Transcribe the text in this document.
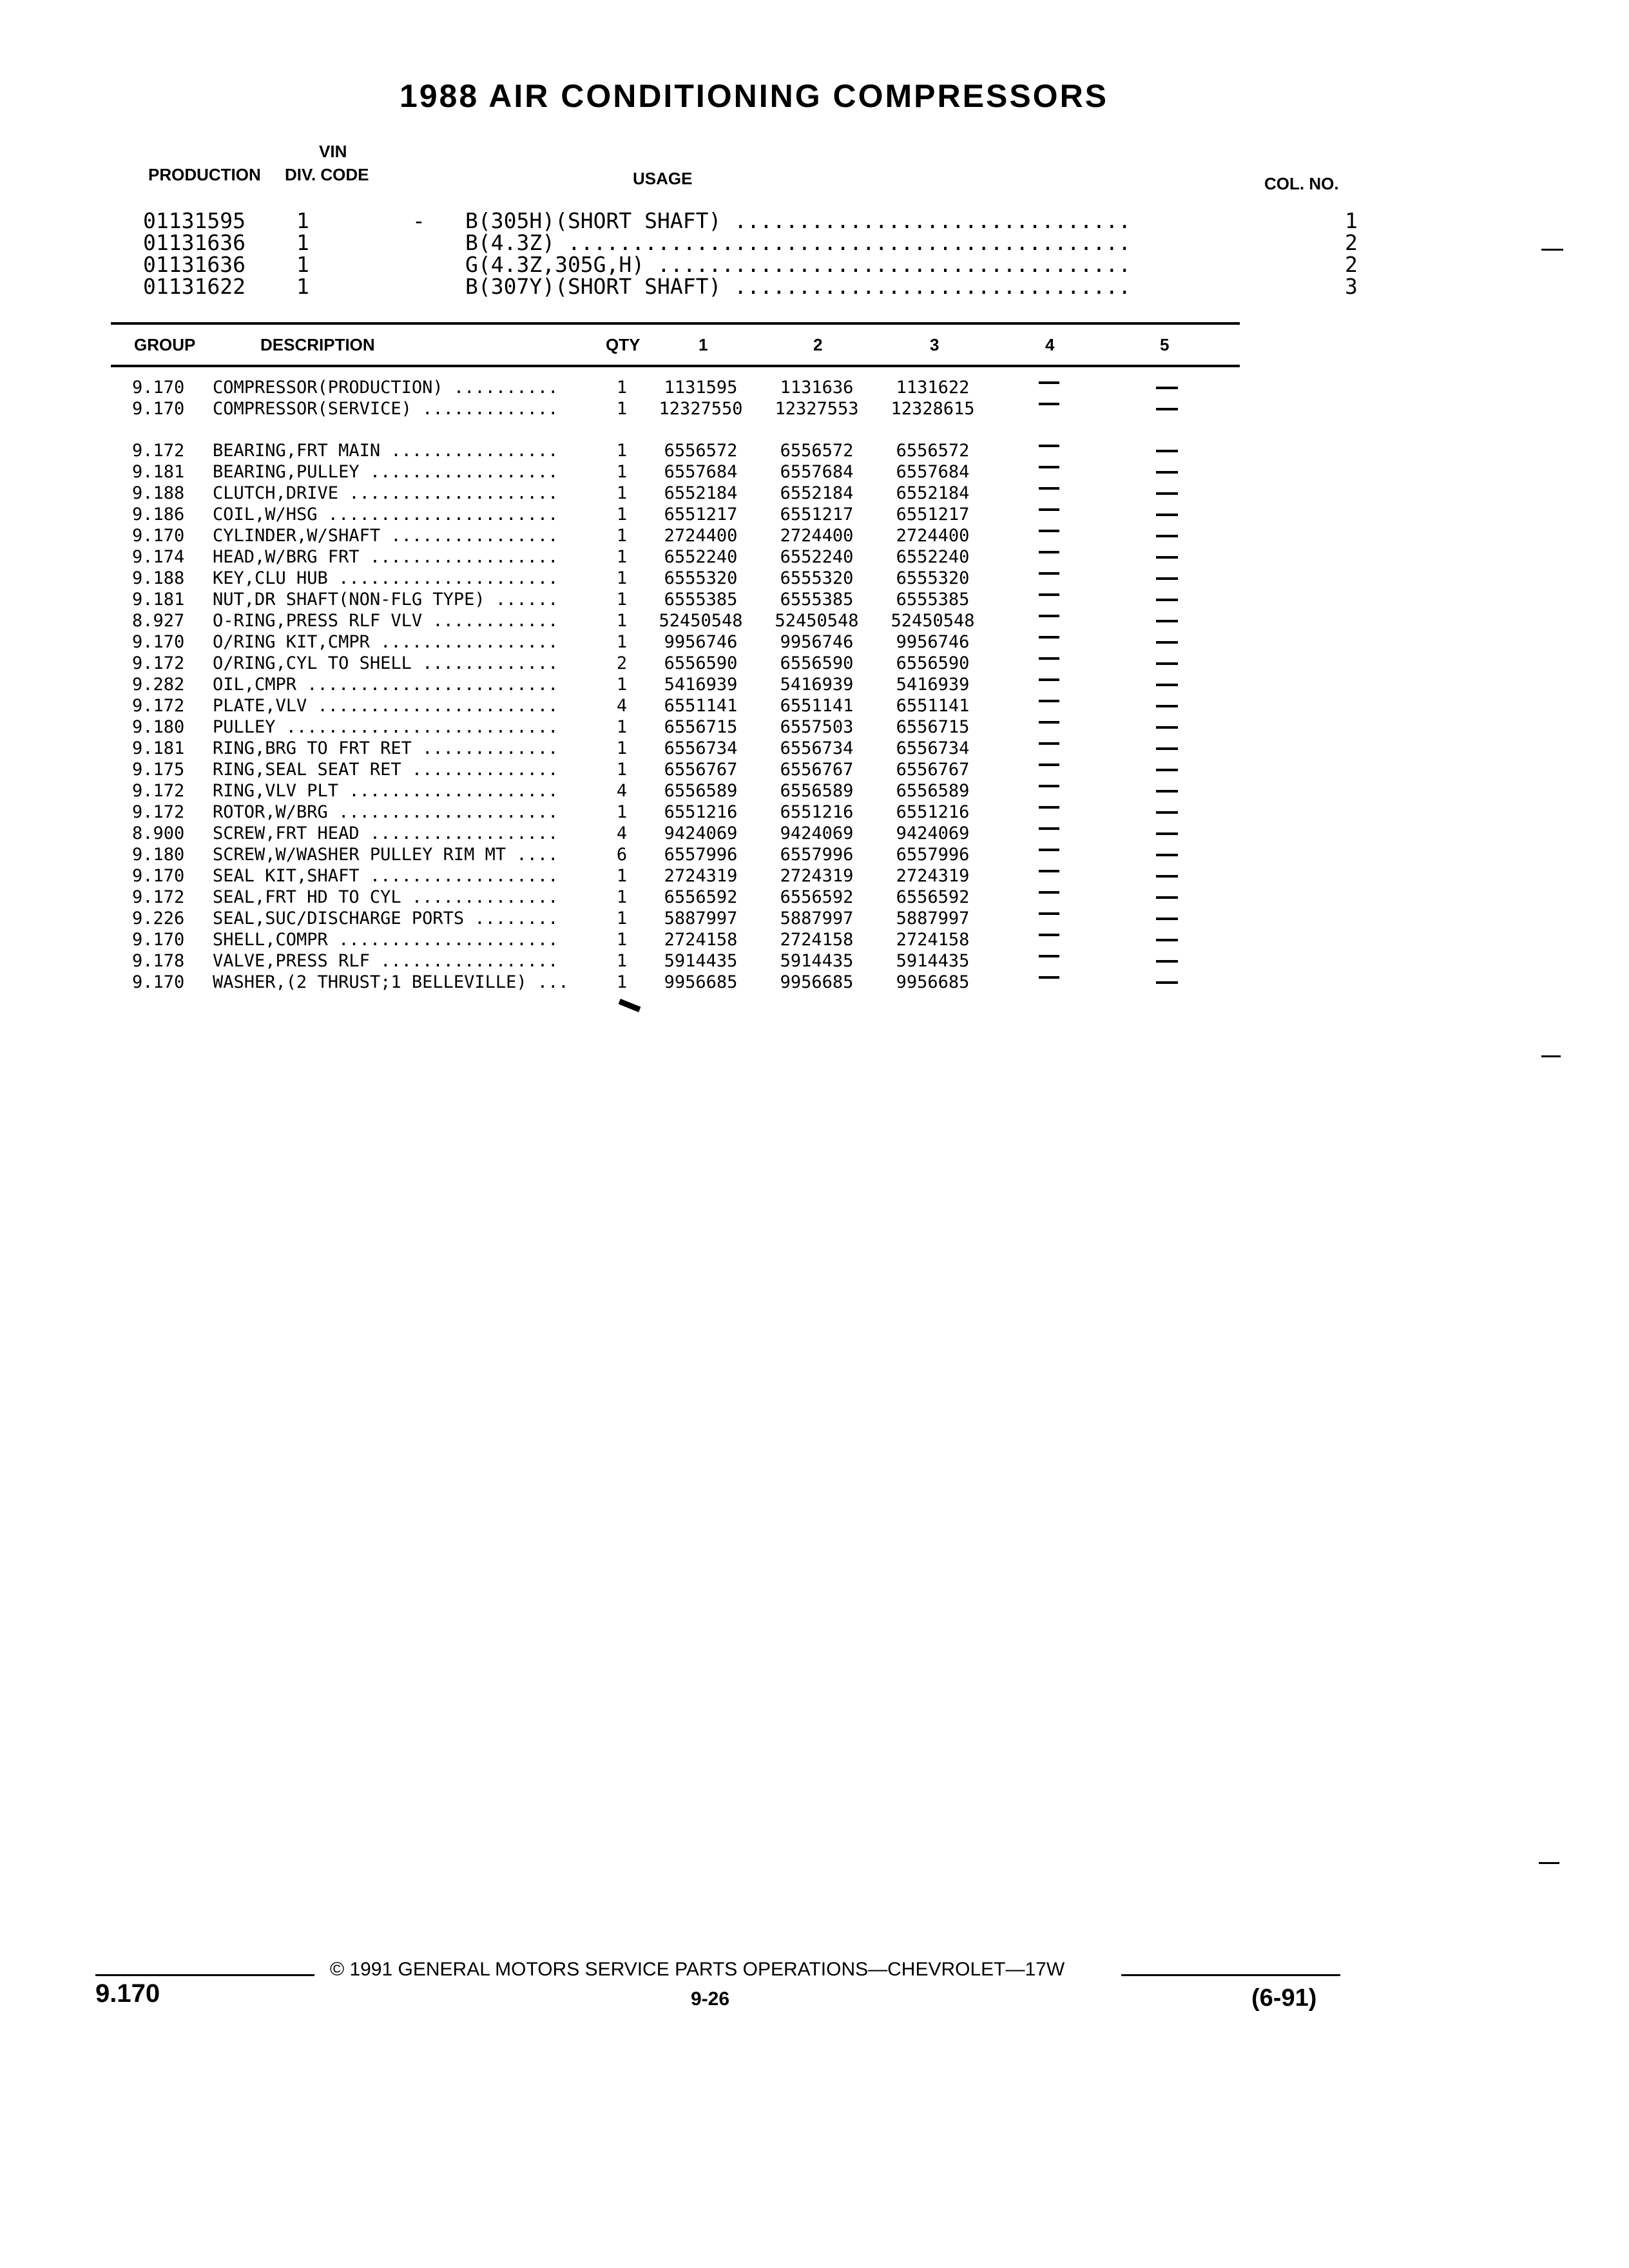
1988 AIR CONDITIONING COMPRESSORS
VIN
PRODUCTION DIV. CODE	USAGE	COL. NO.
01131595 1	- B(305H)(SHORT SHAFT) ...............................	1
01131636 1	B(4.3Z) ............................................	2
01131636 1	G(4.3Z,305G,H) .....................................	2
01131622 1	B(307Y)(SHORT SHAFT) ...............................	3
GROUP	DESCRIPTION	QTY	1	2	3	4	5
9.170 COMPRESSOR(PRODUCTION) ..........	1	1131595	1131636	1131622
9.170 COMPRESSOR(SERVICE) .............	1	12327550	12327553	12328615
9.172 BEARING,FRT MAIN ................	1	6556572	6556572	6556572
9.181 BEARING,PULLEY ..................	1	6557684	6557684	6557684
9.188 CLUTCH,DRIVE ....................	1	6552184	6552184	6552184
9.186 COIL,W/HSG ......................	1	6551217	6551217	6551217
9.170 CYLINDER,W/SHAFT ................	1	2724400	2724400	2724400
9.174 HEAD,W/BRG FRT ..................	1	6552240	6552240	6552240
9.188 KEY,CLU HUB .....................	1	6555320	6555320	6555320
9.181 NUT,DR SHAFT(NON-FLG TYPE) ......	1	6555385	6555385	6555385
8.927 O-RING,PRESS RLF VLV ............	1	52450548	52450548	52450548
9.170 O/RING KIT,CMPR .................	1	9956746	9956746	9956746
9.172 O/RING,CYL TO SHELL .............	2	6556590	6556590	6556590
9.282 OIL,CMPR ........................	1	5416939	5416939	5416939
9.172 PLATE,VLV .......................	4	6551141	6551141	6551141
9.180 PULLEY ..........................	1	6556715	6557503	6556715
9.181 RING,BRG TO FRT RET .............	1	6556734	6556734	6556734
9.175 RING,SEAL SEAT RET ..............	1	6556767	6556767	6556767
9.172 RING,VLV PLT ....................	4	6556589	6556589	6556589
9.172 ROTOR,W/BRG .....................	1	6551216	6551216	6551216
8.900 SCREW,FRT HEAD ..................	4	9424069	9424069	9424069
9.180 SCREW,W/WASHER PULLEY RIM MT ....	6	6557996	6557996	6557996
9.170 SEAL KIT,SHAFT ..................	1	2724319	2724319	2724319
9.172 SEAL,FRT HD TO CYL ..............	1	6556592	6556592	6556592
9.226 SEAL,SUC/DISCHARGE PORTS ........	1	5887997	5887997	5887997
9.170 SHELL,COMPR .....................	1	2724158	2724158	2724158
9.178 VALVE,PRESS RLF .................	1	5914435	5914435	5914435
9.170 WASHER,(2 THRUST;1 BELLEVILLE) ...	1	9956685	9956685	9956685
© 1991 GENERAL MOTORS SERVICE PARTS OPERATIONS—CHEVROLET—17W
9.170	9-26	(6-91)
